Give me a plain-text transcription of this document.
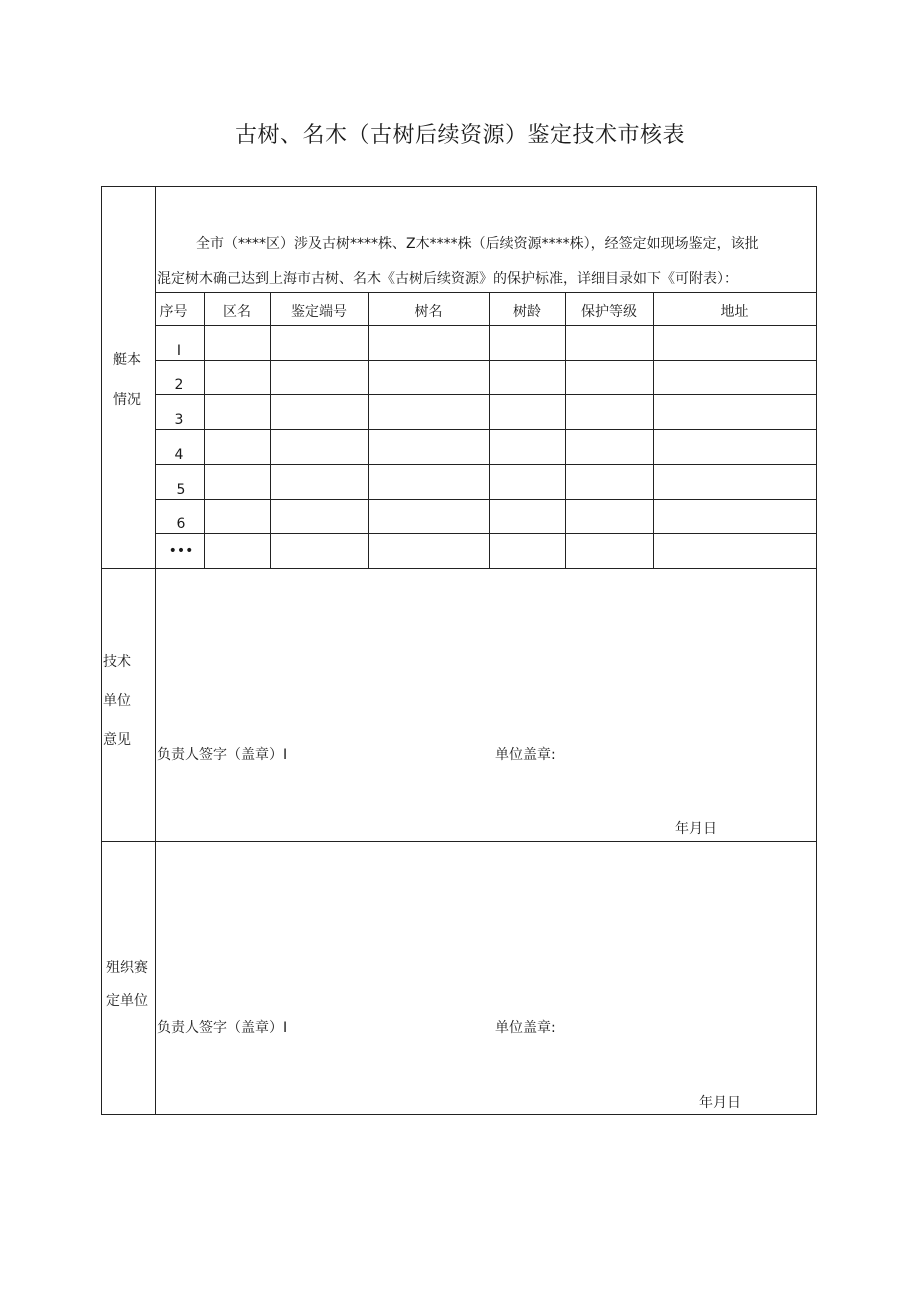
古树、名木（古树后续资源）鉴定技术市核表
艇本
情况
全市（****区）涉及古树****株、Z木****株（后续资源****株），经签定如现场鉴定，该批
混定树木确己达到上海市古树、名木《古树后续资源》的保护标准，详细目录如下《可附表）：
序号	区名	鉴定端号	树名	树龄	保护等级	地址
I
2
3
4
5
6
•••
技术
单位
意见
负责人签字（盖章）I	单位盖章:
年月日
殂织赛
定单位
负责人签字（盖章）I	单位盖章:
年月日
